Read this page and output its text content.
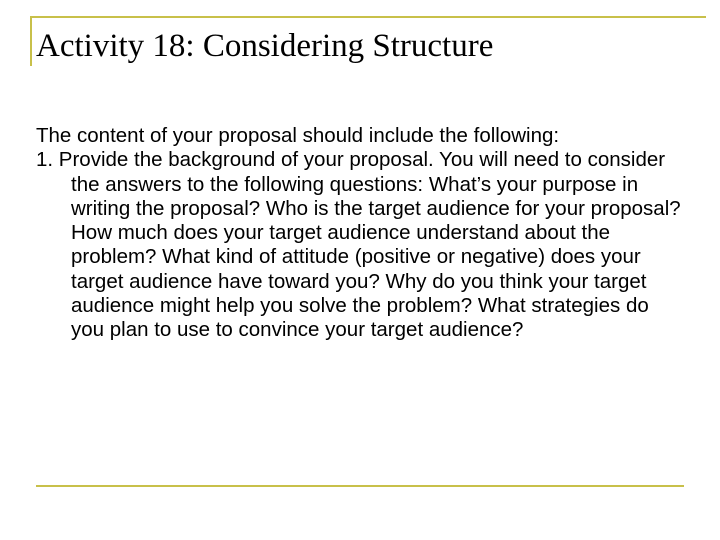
Activity 18: Considering Structure

The content of your proposal should include the following:

1. Provide the background of your proposal. You will need to consider the answers to the following questions: What’s your purpose in writing the proposal? Who is the target audience for your proposal? How much does your target audience understand about the problem? What kind of attitude (positive or negative) does your target audience have toward you? Why do you think your target audience might help you solve the problem? What strategies do you plan to use to convince your target audience?
